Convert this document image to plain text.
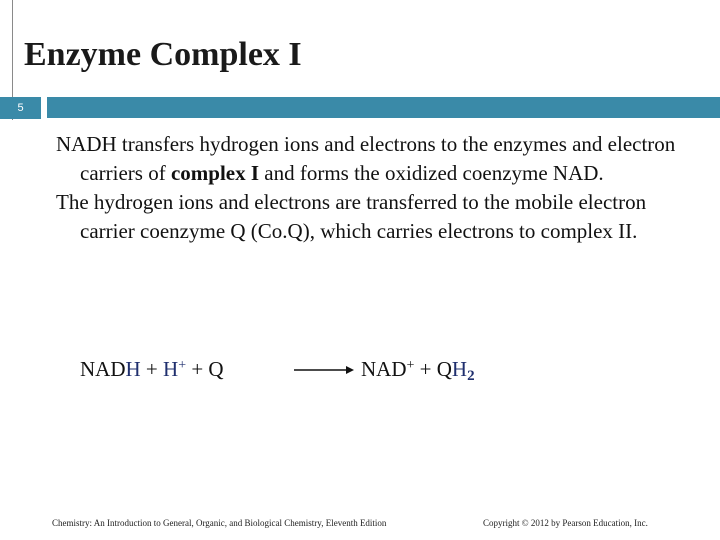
Enzyme Complex I
5

NADH transfers hydrogen ions and electrons to the enzymes and electron carriers of complex I and forms the oxidized coenzyme NAD.

The hydrogen ions and electrons are transferred to the mobile electron carrier coenzyme Q (Co.Q), which carries electrons to complex II.

NADH + H+ + Q	→ $NAD^+ + QH_2$
Chemistry: An Introduction to General, Organic, and Biological Chemistry, Eleventh Edition	Copyright © 2012 by Pearson Education, Inc.
